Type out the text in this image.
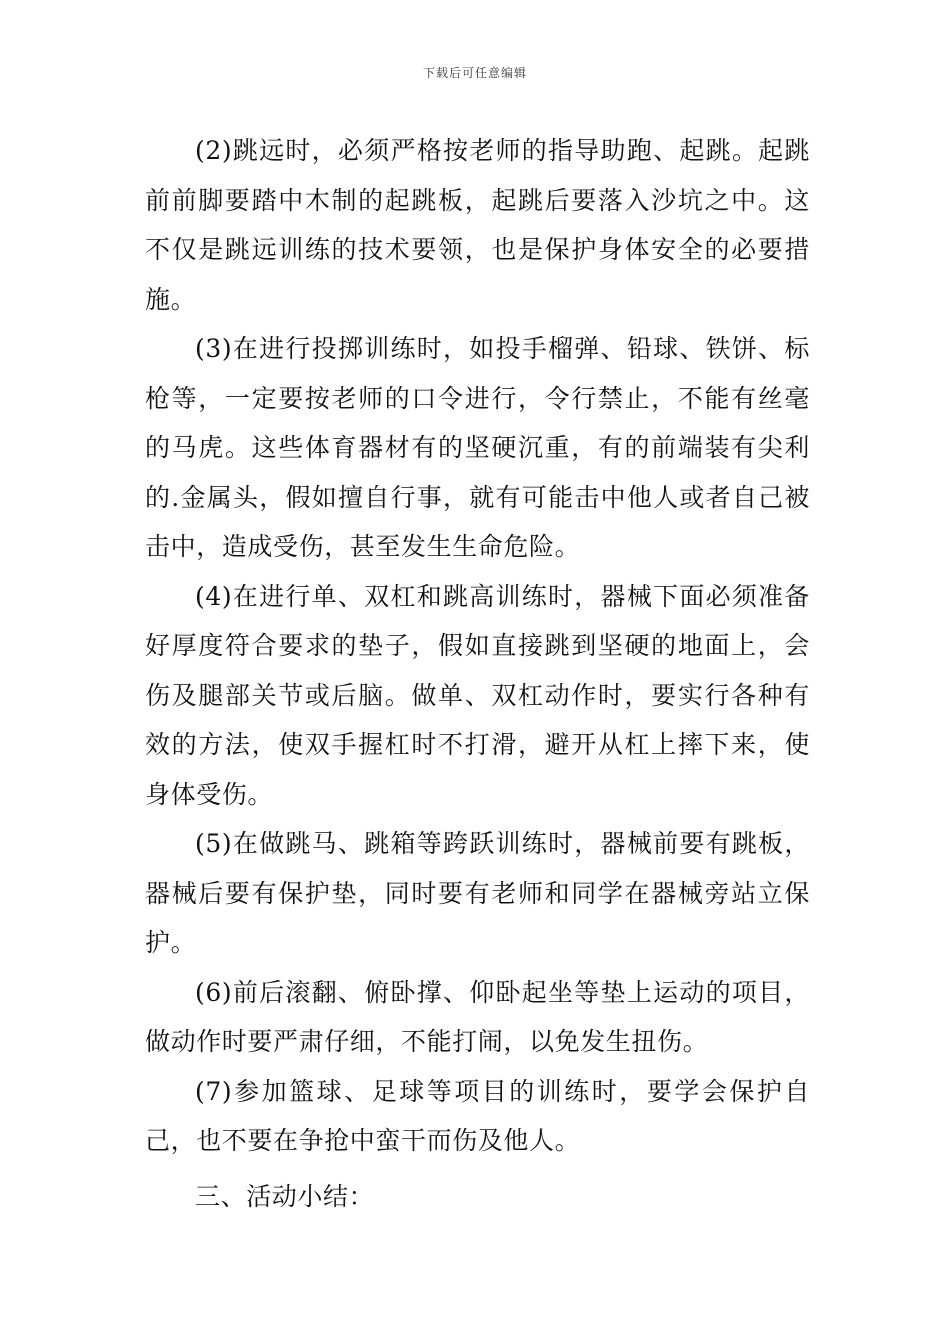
下载后可任意编辑

(2)跳远时，必须严格按老师的指导助跑、起跳。起跳前前脚要踏中木制的起跳板，起跳后要落入沙坑之中。这不仅是跳远训练的技术要领，也是保护身体安全的必要措施。

(3)在进行投掷训练时，如投手榴弹、铅球、铁饼、标枪等，一定要按老师的口令进行，令行禁止，不能有丝毫的马虎。这些体育器材有的坚硬沉重，有的前端装有尖利的.金属头，假如擅自行事，就有可能击中他人或者自己被击中，造成受伤，甚至发生生命危险。

(4)在进行单、双杠和跳高训练时，器械下面必须准备好厚度符合要求的垫子，假如直接跳到坚硬的地面上，会伤及腿部关节或后脑。做单、双杠动作时，要实行各种有效的方法，使双手握杠时不打滑，避开从杠上摔下来，使身体受伤。

(5)在做跳马、跳箱等跨跃训练时，器械前要有跳板，器械后要有保护垫，同时要有老师和同学在器械旁站立保护。

(6)前后滚翻、俯卧撑、仰卧起坐等垫上运动的项目，做动作时要严肃仔细，不能打闹，以免发生扭伤。

(7)参加篮球、足球等项目的训练时，要学会保护自己，也不要在争抢中蛮干而伤及他人。

三、活动小结：
